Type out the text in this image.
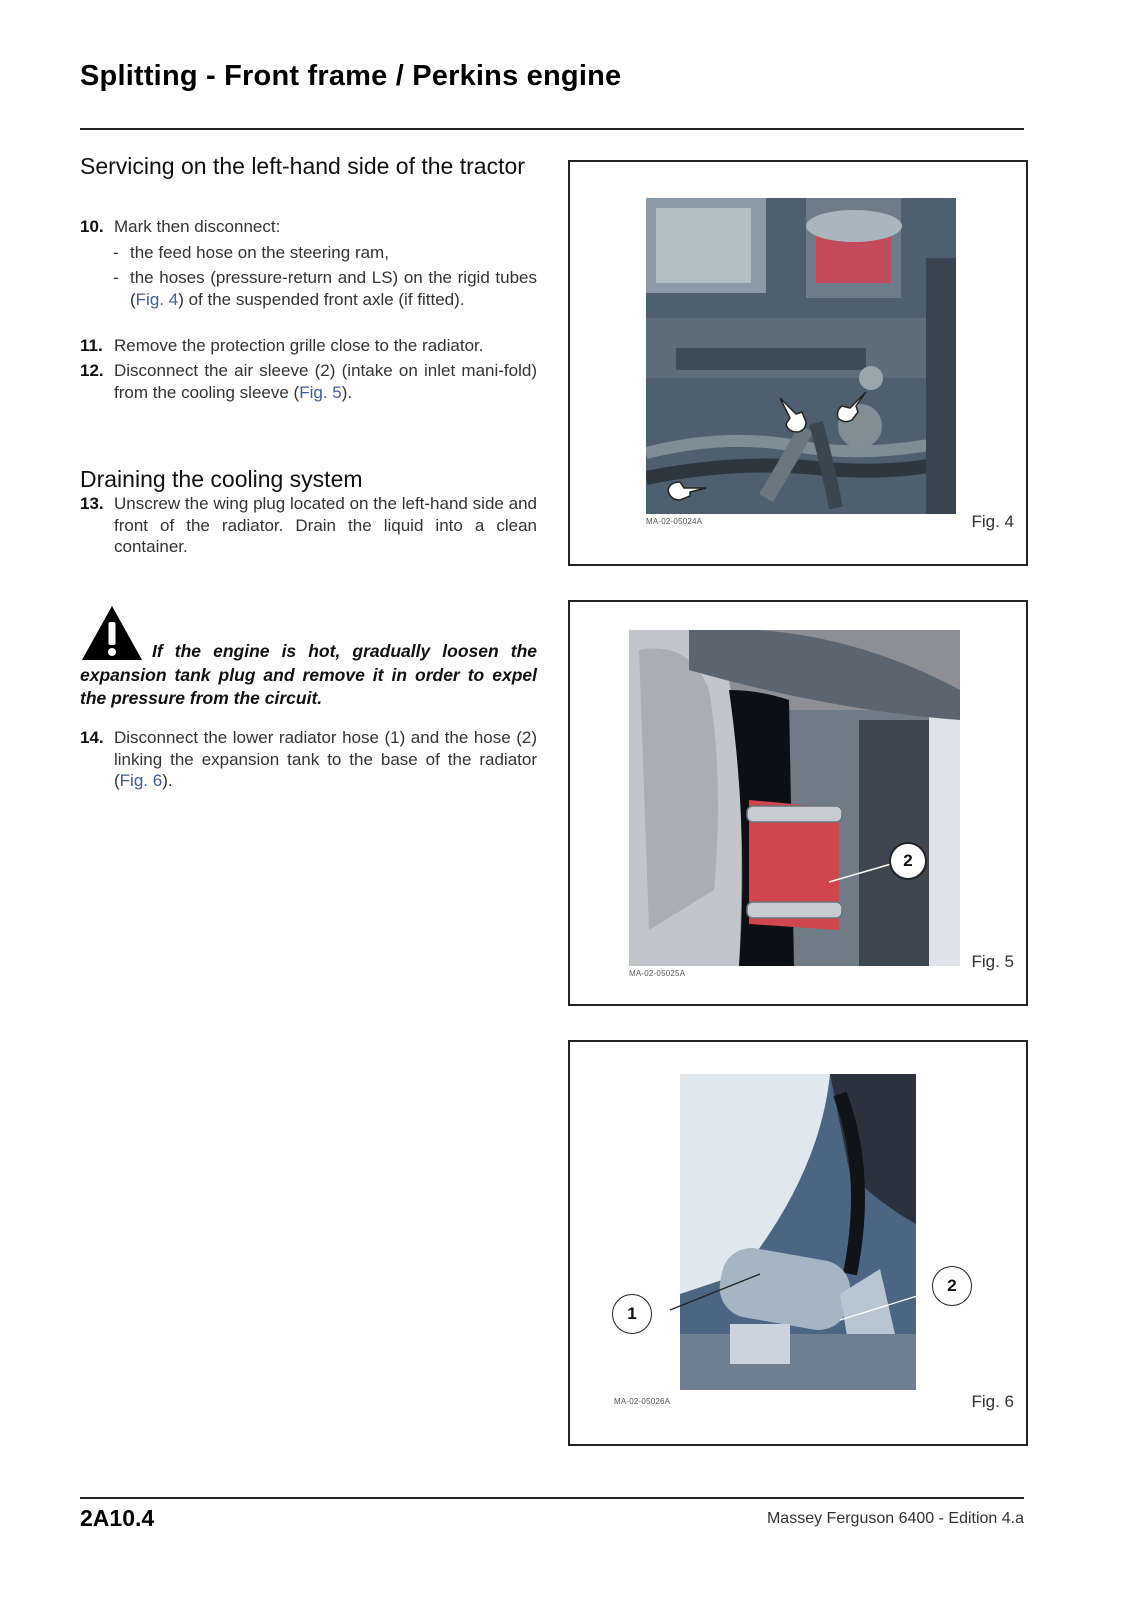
Splitting - Front frame / Perkins engine
Servicing on the left-hand side of the tractor
10. Mark then disconnect:
- the feed hose on the steering ram,
- the hoses (pressure-return and LS) on the rigid tubes (Fig. 4) of the suspended front axle (if fitted).
11. Remove the protection grille close to the radiator.
12. Disconnect the air sleeve (2) (intake on inlet mani-fold) from the cooling sleeve (Fig. 5).
Draining the cooling system
13. Unscrew the wing plug located on the left-hand side and front of the radiator. Drain the liquid into a clean container.
If the engine is hot, gradually loosen the expansion tank plug and remove it in order to expel the pressure from the circuit.
14. Disconnect the lower radiator hose (1) and the hose (2) linking the expansion tank to the base of the radiator (Fig. 6).
MA-02-05024A	Fig. 4
2
MA-02-05025A
Fig. 5
1
2
MA-02-05026A	Fig. 6
2A10.4	Massey Ferguson 6400 - Edition 4.a
